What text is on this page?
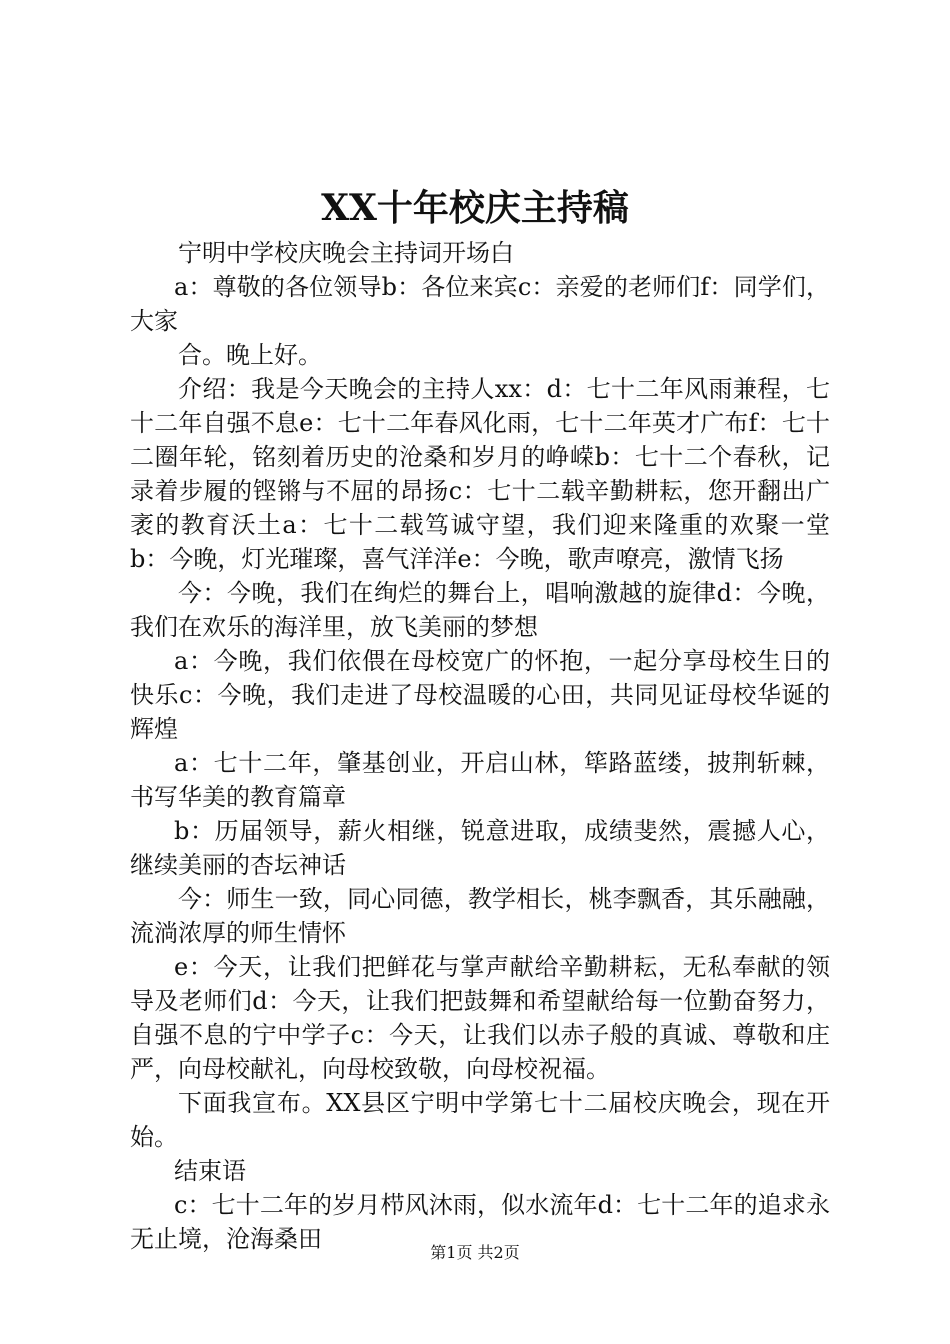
XX十年校庆主持稿

宁明中学校庆晚会主持词开场白

a：尊敬的各位领导b：各位来宾c：亲爱的老师们f：同学们，大家

合。晚上好。

介绍：我是今天晚会的主持人xx：d：七十二年风雨兼程，七十二年自强不息e：七十二年春风化雨，七十二年英才广布f：七十二圈年轮，铭刻着历史的沧桑和岁月的峥嵘b：七十二个春秋，记录着步履的铿锵与不屈的昂扬c：七十二载辛勤耕耘，您开翻出广袤的教育沃土a：七十二载笃诚守望，我们迎来隆重的欢聚一堂b：今晚，灯光璀璨，喜气洋洋e：今晚，歌声嘹亮，激情飞扬

今：今晚，我们在绚烂的舞台上，唱响激越的旋律d：今晚，我们在欢乐的海洋里，放飞美丽的梦想

a：今晚，我们依偎在母校宽广的怀抱，一起分享母校生日的快乐c：今晚，我们走进了母校温暖的心田，共同见证母校华诞的辉煌

a：七十二年，肇基创业，开启山林，筚路蓝缕，披荆斩棘，书写华美的教育篇章

b：历届领导，薪火相继，锐意进取，成绩斐然，震撼人心，继续美丽的杏坛神话

今：师生一致，同心同德，教学相长，桃李飘香，其乐融融，流淌浓厚的师生情怀

e：今天，让我们把鲜花与掌声献给辛勤耕耘，无私奉献的领导及老师们d：今天，让我们把鼓舞和希望献给每一位勤奋努力，自强不息的宁中学子c：今天，让我们以赤子般的真诚、尊敬和庄严，向母校献礼，向母校致敬，向母校祝福。

下面我宣布。XX县区宁明中学第七十二届校庆晚会，现在开始。

结束语

c：七十二年的岁月栉风沐雨，似水流年d：七十二年的追求永无止境，沧海桑田	第1页 共2页
